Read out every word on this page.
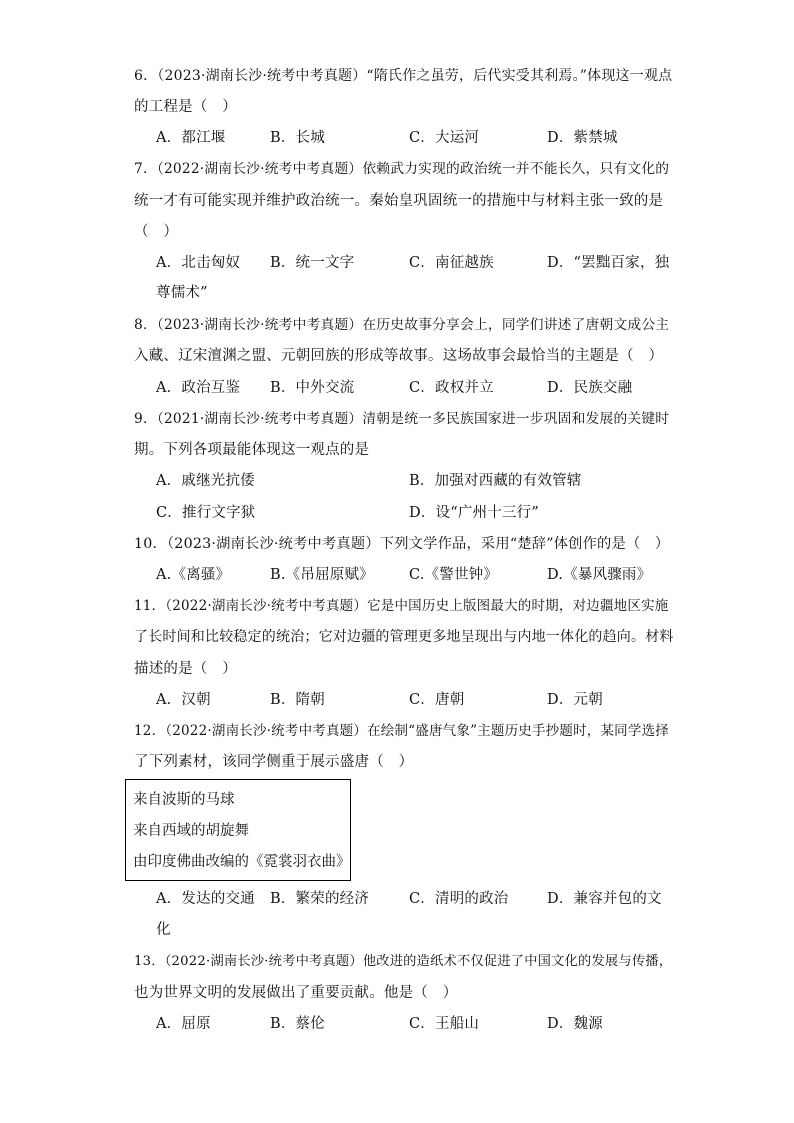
6．（2023·湖南长沙·统考中考真题）“隋氏作之虽劳，后代实受其利焉。”体现这一观点
的工程是（　）
A．都江堰	B．长城	C．大运河	D．紫禁城
7．（2022·湖南长沙·统考中考真题）依赖武力实现的政治统一并不能长久，只有文化的
统一才有可能实现并维护政治统一。秦始皇巩固统一的措施中与材料主张一致的是
（　）
A．北击匈奴 B．统一文字	C．南征越族	D．“罢黜百家，独
尊儒术”
8．（2023·湖南长沙·统考中考真题）在历史故事分享会上，同学们讲述了唐朝文成公主
入藏、辽宋澶渊之盟、元朝回族的形成等故事。这场故事会最恰当的主题是（　）
A．政治互鉴 B．中外交流	C．政权并立	D．民族交融
9．（2021·湖南长沙·统考中考真题）清朝是统一多民族国家进一步巩固和发展的关键时
期。下列各项最能体现这一观点的是
A．戚继光抗倭	B．加强对西藏的有效管辖
C．推行文字狱	D．设“广州十三行”
10．（2023·湖南长沙·统考中考真题）下列文学作品，采用“楚辞”体创作的是（　）
A.《离骚》	B.《吊屈原赋》 C.《警世钟》	D.《暴风骤雨》
11．（2022·湖南长沙·统考中考真题）它是中国历史上版图最大的时期，对边疆地区实施
了长时间和比较稳定的统治；它对边疆的管理更多地呈现出与内地一体化的趋向。材料
描述的是（　）
A．汉朝	B．隋朝	C．唐朝	D．元朝
12．（2022·湖南长沙·统考中考真题）在绘制“盛唐气象”主题历史手抄题时，某同学选择
了下列素材，该同学侧重于展示盛唐（　）
来自波斯的马球
来自西域的胡旋舞
由印度佛曲改编的《霓裳羽衣曲》
A．发达的交通 B．繁荣的经济	C．清明的政治	D．兼容并包的文
化
13．（2022·湖南长沙·统考中考真题）他改进的造纸术不仅促进了中国文化的发展与传播，
也为世界文明的发展做出了重要贡献。他是（　）
A．屈原	B．蔡伦	C．王船山	D．魏源
